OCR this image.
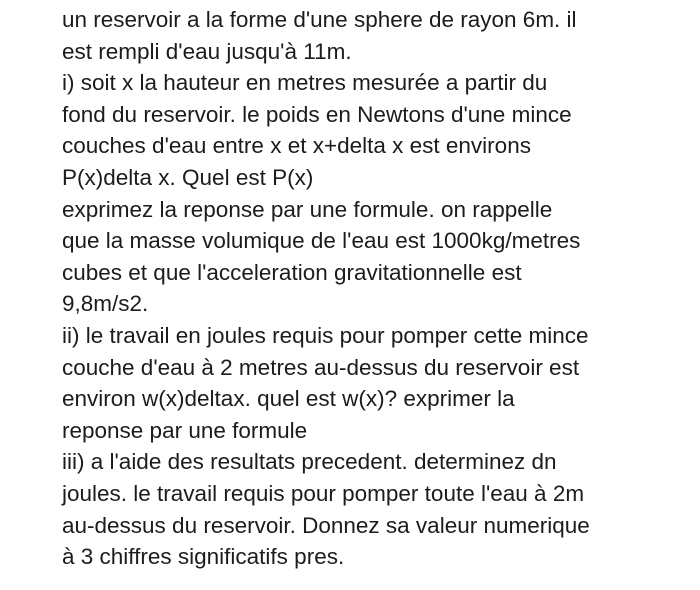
un reservoir a la forme d'une sphere de rayon 6m. il
est rempli d'eau jusqu'à 11m.
i) soit x la hauteur en metres mesurée a partir du
fond du reservoir. le poids en Newtons d'une mince
couches d'eau entre x et x+delta x est environs
P(x)delta x. Quel est P(x)
exprimez la reponse par une formule. on rappelle
que la masse volumique de l'eau est 1000kg/metres
cubes et que l'acceleration gravitationnelle est
9,8m/s2.
ii) le travail en joules requis pour pomper cette mince
couche d'eau à 2 metres au-dessus du reservoir est
environ w(x)deltax. quel est w(x)? exprimer la
reponse par une formule
iii) a l'aide des resultats precedent. determinez dn
joules. le travail requis pour pomper toute l'eau à 2m
au-dessus du reservoir. Donnez sa valeur numerique
à 3 chiffres significatifs pres.
